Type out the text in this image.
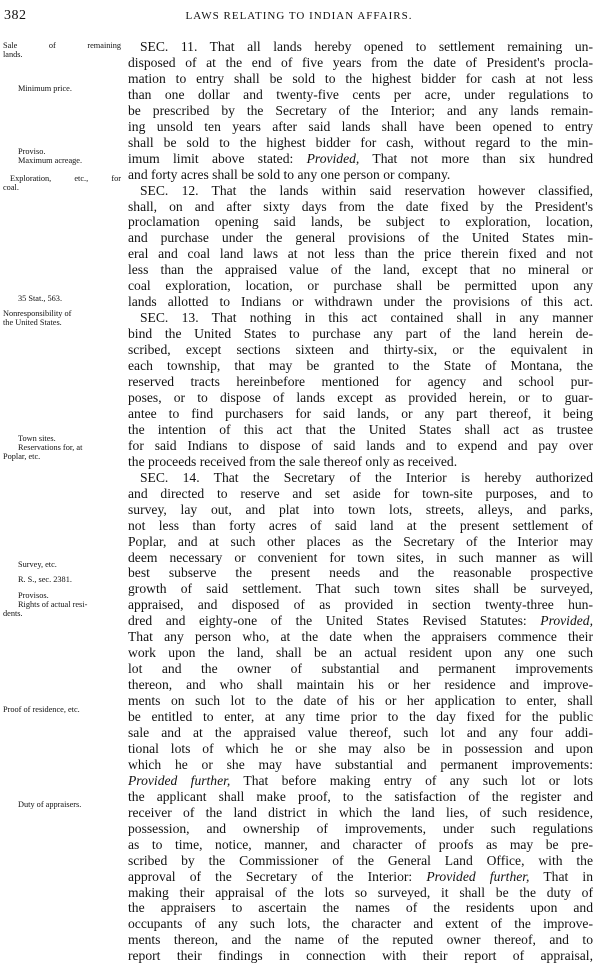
382	LAWS RELATING TO INDIAN AFFAIRS.
Sale of remaining
lands.
Minimum price.
Proviso.
Maximum acreage.
Exploration, etc., for
coal.
35 Stat., 563.
Nonresponsibility of
the United States.
Town sites.
Reservations for, at
Poplar, etc.
Survey, etc.
R. S., sec. 2381.
Provisos.
Rights of actual resi-
dents.
Proof of residence, etc.
Duty of appraisers.
SEC. 11. That all lands hereby opened to settlement remaining un-
disposed of at the end of five years from the date of President's procla-
mation to entry shall be sold to the highest bidder for cash at not less
than one dollar and twenty-five cents per acre, under regulations to
be prescribed by the Secretary of the Interior; and any lands remain-
ing unsold ten years after said lands shall have been opened to entry
shall be sold to the highest bidder for cash, without regard to the min-
imum limit above stated: Provided, That not more than six hundred
and forty acres shall be sold to any one person or company.
SEC. 12. That the lands within said reservation however classified,
shall, on and after sixty days from the date fixed by the President's
proclamation opening said lands, be subject to exploration, location,
and purchase under the general provisions of the United States min-
eral and coal land laws at not less than the price therein fixed and not
less than the appraised value of the land, except that no mineral or
coal exploration, location, or purchase shall be permitted upon any
lands allotted to Indians or withdrawn under the provisions of this act.
SEC. 13. That nothing in this act contained shall in any manner
bind the United States to purchase any part of the land herein de-
scribed, except sections sixteen and thirty-six, or the equivalent in
each township, that may be granted to the State of Montana, the
reserved tracts hereinbefore mentioned for agency and school pur-
poses, or to dispose of lands except as provided herein, or to guar-
antee to find purchasers for said lands, or any part thereof, it being
the intention of this act that the United States shall act as trustee
for said Indians to dispose of said lands and to expend and pay over
the proceeds received from the sale thereof only as received.
SEC. 14. That the Secretary of the Interior is hereby authorized
and directed to reserve and set aside for town-site purposes, and to
survey, lay out, and plat into town lots, streets, alleys, and parks,
not less than forty acres of said land at the present settlement of
Poplar, and at such other places as the Secretary of the Interior may
deem necessary or convenient for town sites, in such manner as will
best subserve the present needs and the reasonable prospective
growth of said settlement. That such town sites shall be surveyed,
appraised, and disposed of as provided in section twenty-three hun-
dred and eighty-one of the United States Revised Statutes: Provided,
That any person who, at the date when the appraisers commence their
work upon the land, shall be an actual resident upon any one such
lot and the owner of substantial and permanent improvements
thereon, and who shall maintain his or her residence and improve-
ments on such lot to the date of his or her application to enter, shall
be entitled to enter, at any time prior to the day fixed for the public
sale and at the appraised value thereof, such lot and any four addi-
tional lots of which he or she may also be in possession and upon
which he or she may have substantial and permanent improvements:
Provided further, That before making entry of any such lot or lots
the applicant shall make proof, to the satisfaction of the register and
receiver of the land district in which the land lies, of such residence,
possession, and ownership of improvements, under such regulations
as to time, notice, manner, and character of proofs as may be pre-
scribed by the Commissioner of the General Land Office, with the
approval of the Secretary of the Interior: Provided further, That in
making their appraisal of the lots so surveyed, it shall be the duty of
the appraisers to ascertain the names of the residents upon and
occupants of any such lots, the character and extent of the improve-
ments thereon, and the name of the reputed owner thereof, and to
report their findings in connection with their report of appraisal,
